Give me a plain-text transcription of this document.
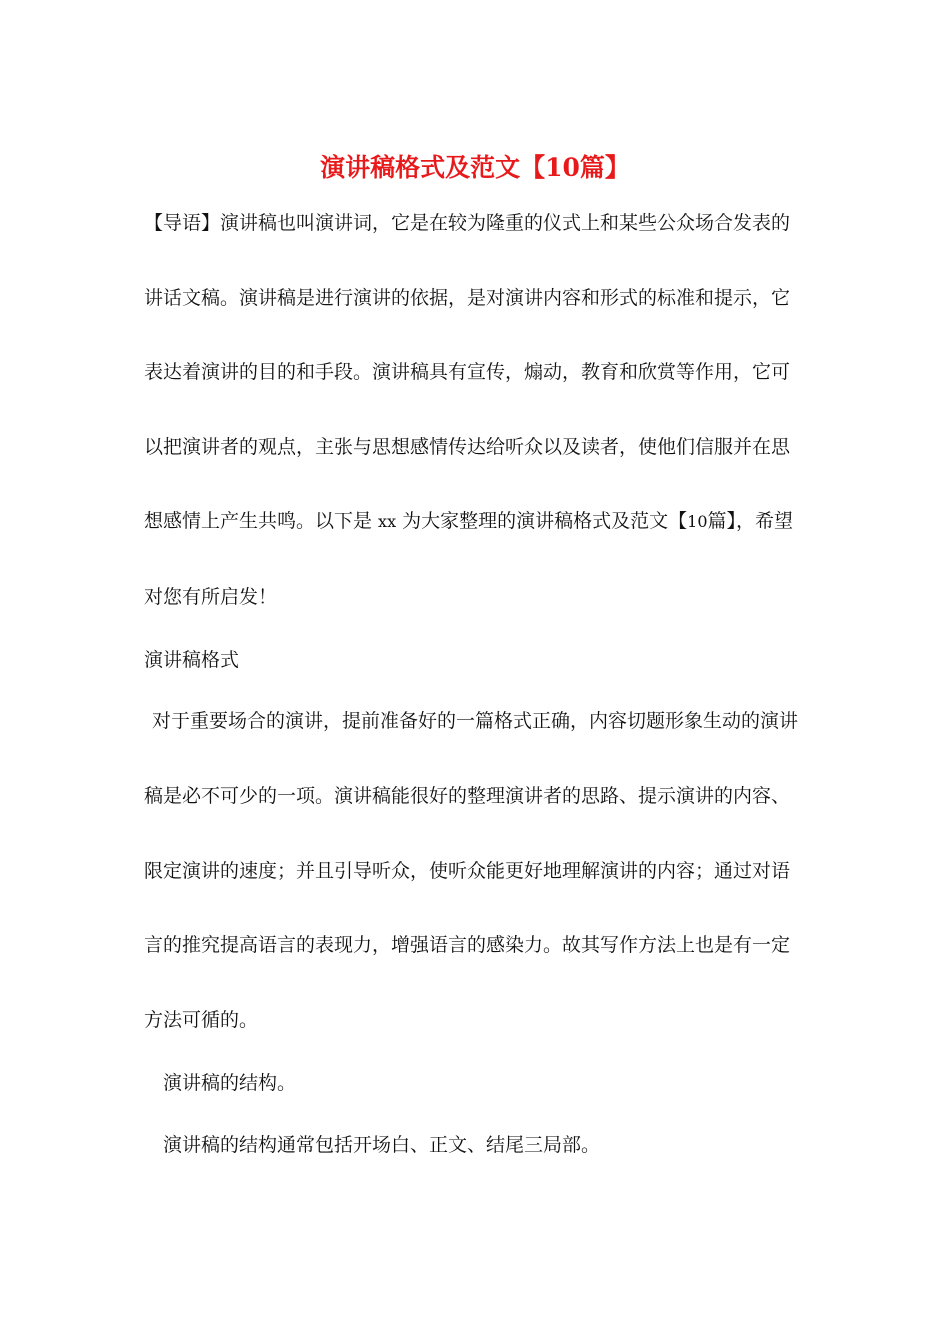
演讲稿格式及范文【10篇】

【导语】演讲稿也叫演讲词，它是在较为隆重的仪式上和某些公众场合发表的

讲话文稿。演讲稿是进行演讲的依据，是对演讲内容和形式的标准和提示，它

表达着演讲的目的和手段。演讲稿具有宣传，煽动，教育和欣赏等作用，它可

以把演讲者的观点，主张与思想感情传达给听众以及读者，使他们信服并在思

想感情上产生共鸣。以下是 xx 为大家整理的演讲稿格式及范文【10篇】，希望

对您有所启发！

演讲稿格式

对于重要场合的演讲，提前准备好的一篇格式正确，内容切题形象生动的演讲

稿是必不可少的一项。演讲稿能很好的整理演讲者的思路、提示演讲的内容、

限定演讲的速度；并且引导听众，使听众能更好地理解演讲的内容；通过对语

言的推究提高语言的表现力，增强语言的感染力。故其写作方法上也是有一定

方法可循的。

演讲稿的结构。

演讲稿的结构通常包括开场白、正文、结尾三局部。
